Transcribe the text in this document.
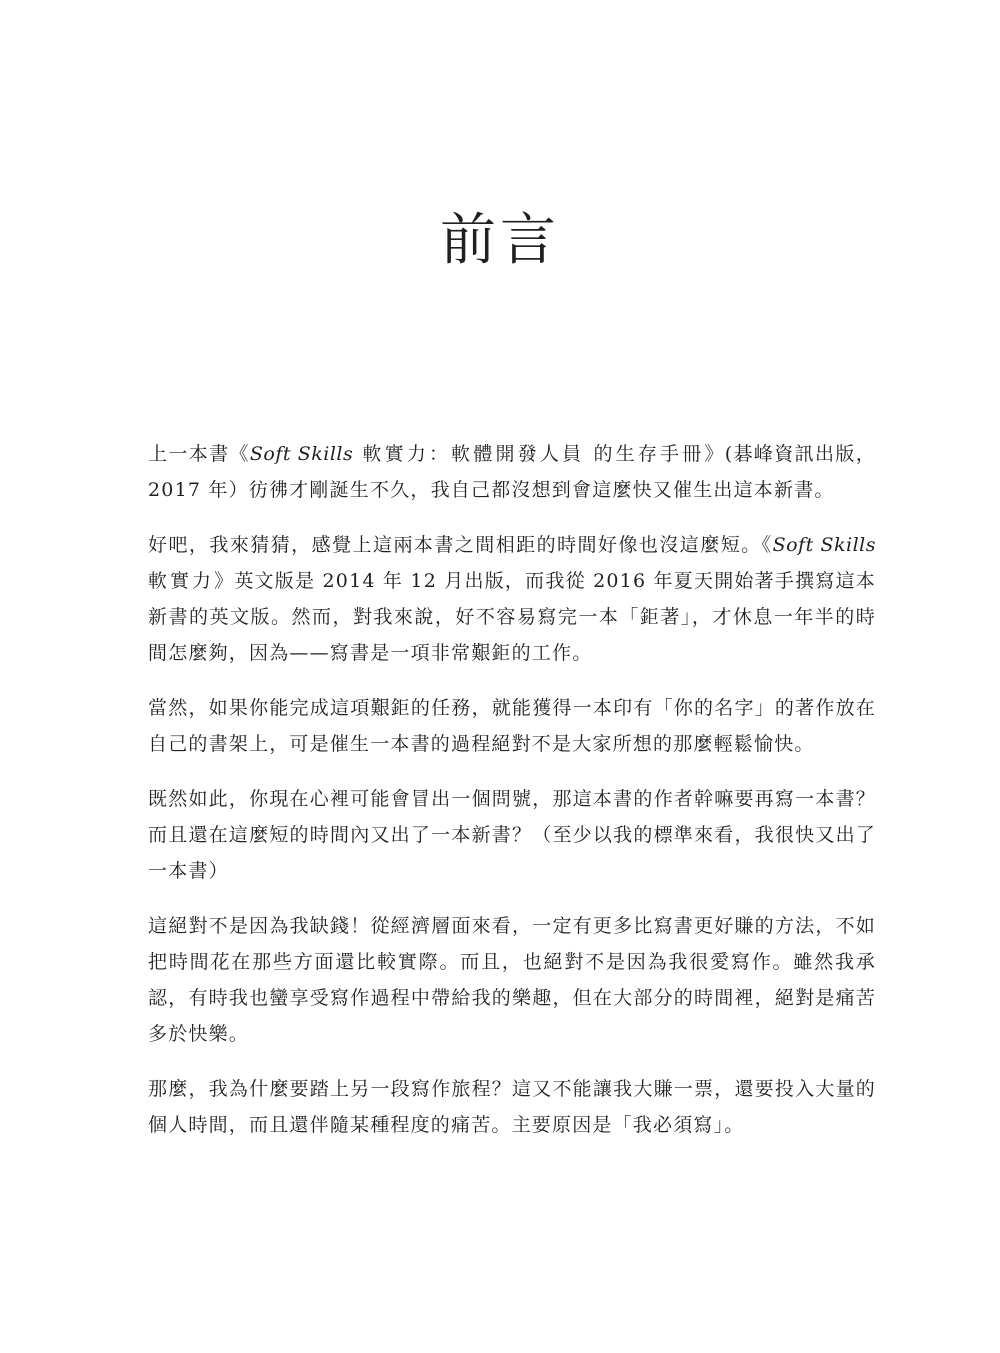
前言

上一本書《Soft Skills 軟實力：軟體開發人員 的生存手冊》(碁峰資訊出版，2017 年）彷彿才剛誕生不久，我自己都沒想到會這麼快又催生出這本新書。

好吧，我來猜猜，感覺上這兩本書之間相距的時間好像也沒這麼短。《Soft Skills 軟實力》英文版是 2014 年 12 月出版，而我從 2016 年夏天開始著手撰寫這本新書的英文版。然而，對我來說，好不容易寫完一本「鉅著」，才休息一年半的時間怎麼夠，因為——寫書是一項非常艱鉅的工作。

當然，如果你能完成這項艱鉅的任務，就能獲得一本印有「你的名字」的著作放在自己的書架上，可是催生一本書的過程絕對不是大家所想的那麼輕鬆愉快。

既然如此，你現在心裡可能會冒出一個問號，那這本書的作者幹嘛要再寫一本書？而且還在這麼短的時間內又出了一本新書？（至少以我的標準來看，我很快又出了一本書）

這絕對不是因為我缺錢！從經濟層面來看，一定有更多比寫書更好賺的方法，不如把時間花在那些方面還比較實際。而且，也絕對不是因為我很愛寫作。雖然我承認，有時我也蠻享受寫作過程中帶給我的樂趣，但在大部分的時間裡，絕對是痛苦多於快樂。

那麼，我為什麼要踏上另一段寫作旅程？這又不能讓我大賺一票，還要投入大量的個人時間，而且還伴隨某種程度的痛苦。主要原因是「我必須寫」。
